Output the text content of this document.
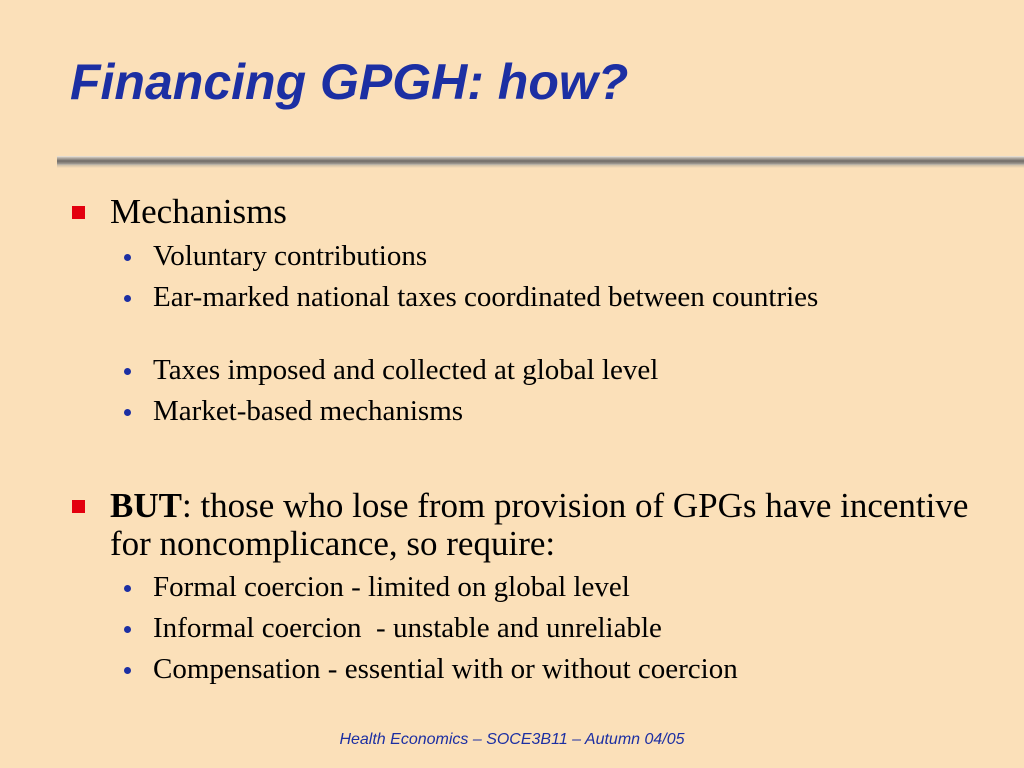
Financing GPGH: how?
Mechanisms
Voluntary contributions
Ear-marked national taxes coordinated between countries
Taxes imposed and collected at global level
Market-based mechanisms
BUT: those who lose from provision of GPGs have incentive for noncomplicance, so require:
Formal coercion - limited on global level
Informal coercion  - unstable and unreliable
Compensation - essential with or without coercion
Health Economics – SOCE3B11 – Autumn 04/05
